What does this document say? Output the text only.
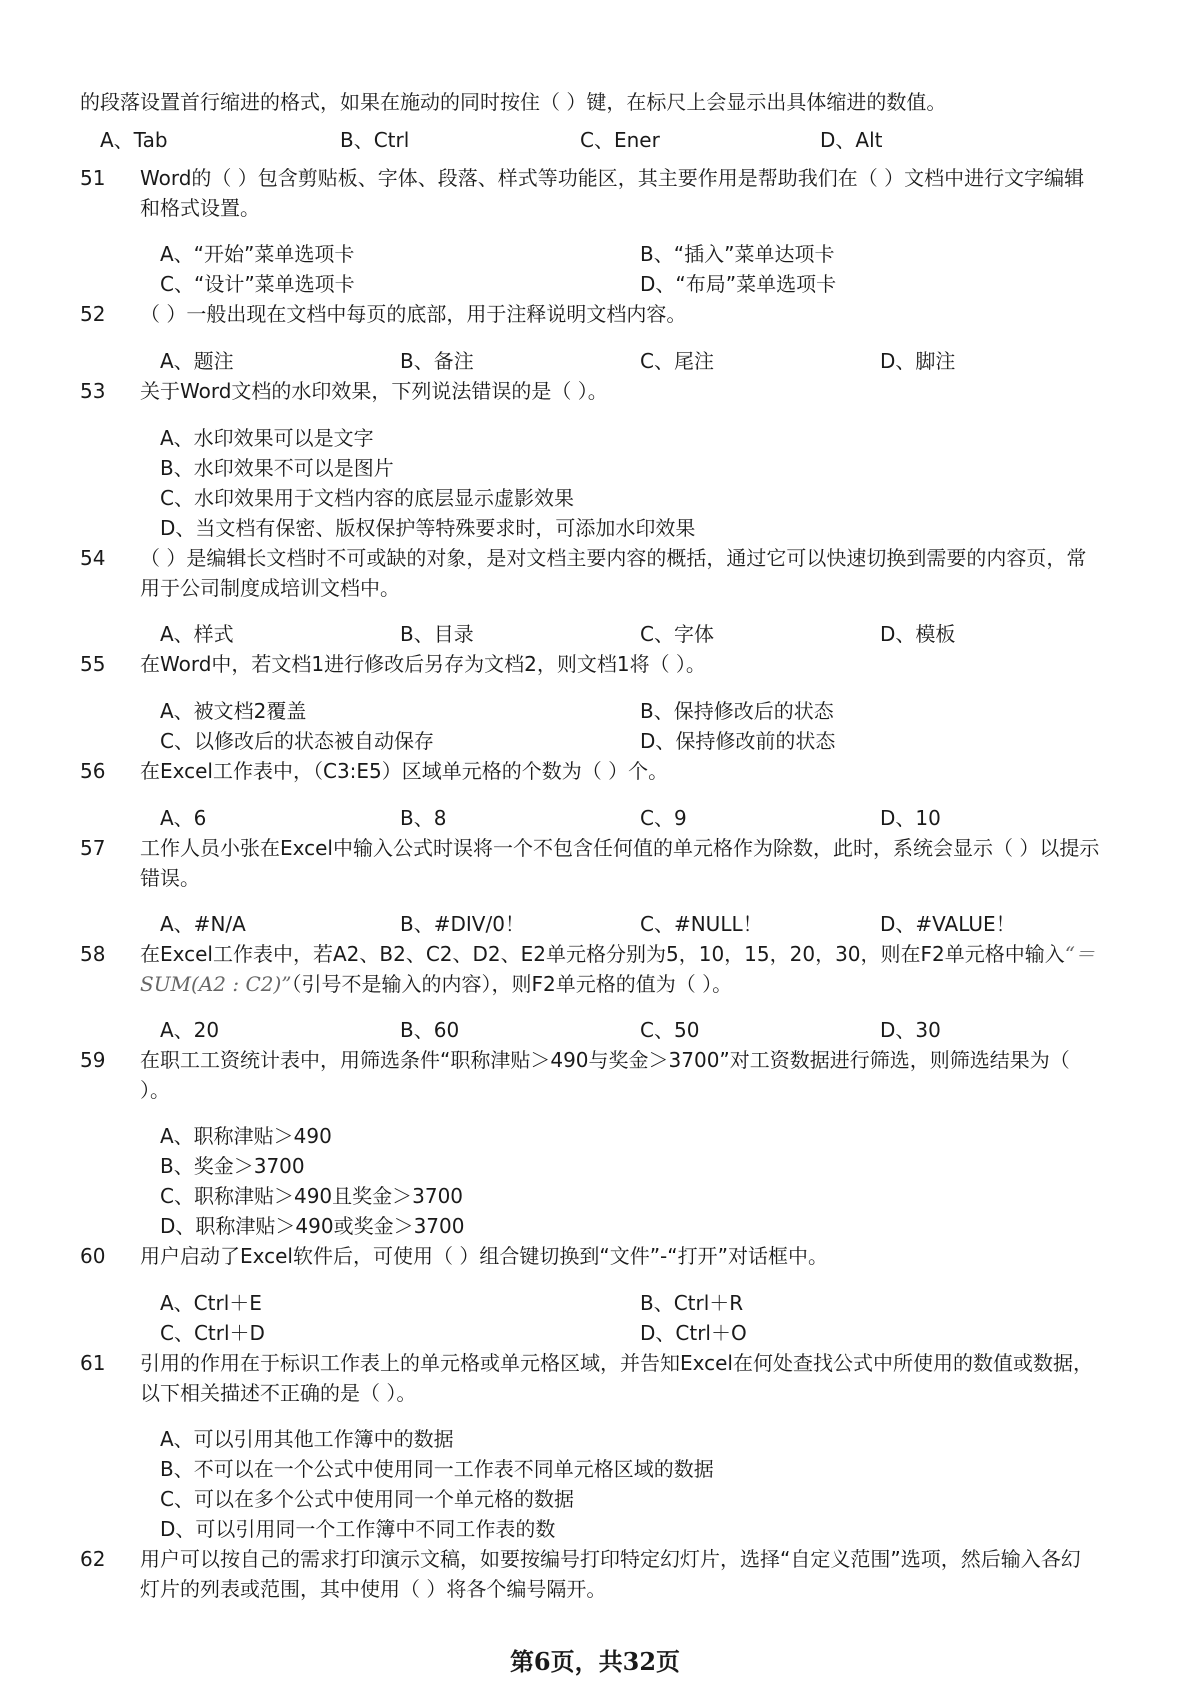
的段落设置首行缩进的格式，如果在施动的同时按住（ ）键，在标尺上会显示出具体缩进的数值。
A、Tab	B、Ctrl	C、Ener	D、Alt
51	Word的（ ）包含剪贴板、字体、段落、样式等功能区，其主要作用是帮助我们在（ ）文档中进行文字编辑和格式设置。
A、“开始”菜单选项卡	B、“插入”菜单达项卡
C、“设计”菜单选项卡	D、“布局”菜单选项卡
52	（ ）一般出现在文档中每页的底部，用于注释说明文档内容。
A、题注	B、备注	C、尾注	D、脚注
53	关于Word文档的水印效果，下列说法错误的是（ ）。
A、水印效果可以是文字
B、水印效果不可以是图片
C、水印效果用于文档内容的底层显示虚影效果
D、当文档有保密、版权保护等特殊要求时，可添加水印效果
54	（ ）是编辑长文档时不可或缺的对象，是对文档主要内容的概括，通过它可以快速切换到需要的内容页，常用于公司制度成培训文档中。
A、样式	B、目录	C、字体	D、模板
55	在Word中，若文档1进行修改后另存为文档2，则文档1将（ ）。
A、被文档2覆盖	B、保持修改后的状态
C、以修改后的状态被自动保存	D、保持修改前的状态
56	在Excel工作表中，（C3:E5）区域单元格的个数为（ ）个。
A、6	B、8	C、9	D、10
57	工作人员小张在Excel中输入公式时误将一个不包含任何值的单元格作为除数，此时，系统会显示（ ）以提示错误。
A、#N/A	B、#DIV/0！	C、#NULL！	D、#VALUE！
58	在Excel工作表中，若A2、B2、C2、D2、E2单元格分别为5，10，15，20，30，则在F2单元格中输入“＝SUM(A2 : C2)”（引号不是输入的内容），则F2单元格的值为（ ）。
A、20	B、60	C、50	D、30
59	在职工工资统计表中，用筛选条件“职称津贴＞490与奖金＞3700”对工资数据进行筛选，则筛选结果为（ ）。
A、职称津贴＞490
B、奖金＞3700
C、职称津贴＞490且奖金＞3700
D、职称津贴＞490或奖金＞3700
60	用户启动了Excel软件后，可使用（ ）组合键切换到“文件”-“打开”对话框中。
A、Ctrl＋E	B、Ctrl＋R
C、Ctrl＋D	D、Ctrl＋O
61	引用的作用在于标识工作表上的单元格或单元格区域，并告知Excel在何处查找公式中所使用的数值或数据，以下相关描述不正确的是（ ）。
A、可以引用其他工作簿中的数据
B、不可以在一个公式中使用同一工作表不同单元格区域的数据
C、可以在多个公式中使用同一个单元格的数据
D、可以引用同一个工作簿中不同工作表的数
62	用户可以按自己的需求打印演示文稿，如要按编号打印特定幻灯片，选择“自定义范围”选项，然后输入各幻灯片的列表或范围，其中使用（ ）将各个编号隔开。
第6页，共32页
